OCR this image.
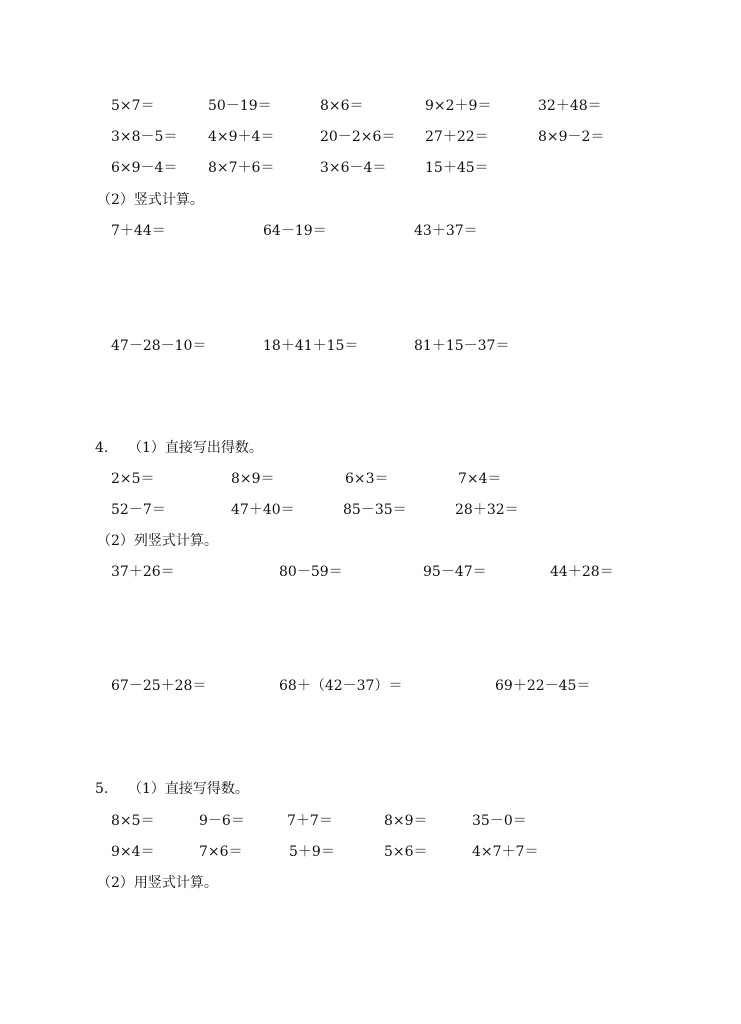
5×7＝	50－19＝	8×6＝	9×2＋9＝	32＋48＝
3×8－5＝ 4×9＋4＝	20－2×6＝ 27＋22＝	8×9－2＝
6×9－4＝ 8×7＋6＝	3×6－4＝	15＋45＝
（2）竖式计算。
7＋44＝	64－19＝	43＋37＝
47－28－10＝	18＋41＋15＝	81＋15－37＝
4. （1）直接写出得数。
2×5＝	8×9＝	6×3＝	7×4＝
52－7＝	47＋40＝	85－35＝	28＋32＝
（2）列竖式计算。
37＋26＝	80－59＝	95－47＝	44＋28＝
67－25＋28＝	68＋（42－37）＝	69＋22－45＝
5. （1）直接写得数。
8×5＝	9－6＝	7＋7＝	8×9＝	35－0＝
9×4＝	7×6＝	5＋9＝	5×6＝	4×7＋7＝
（2）用竖式计算。
